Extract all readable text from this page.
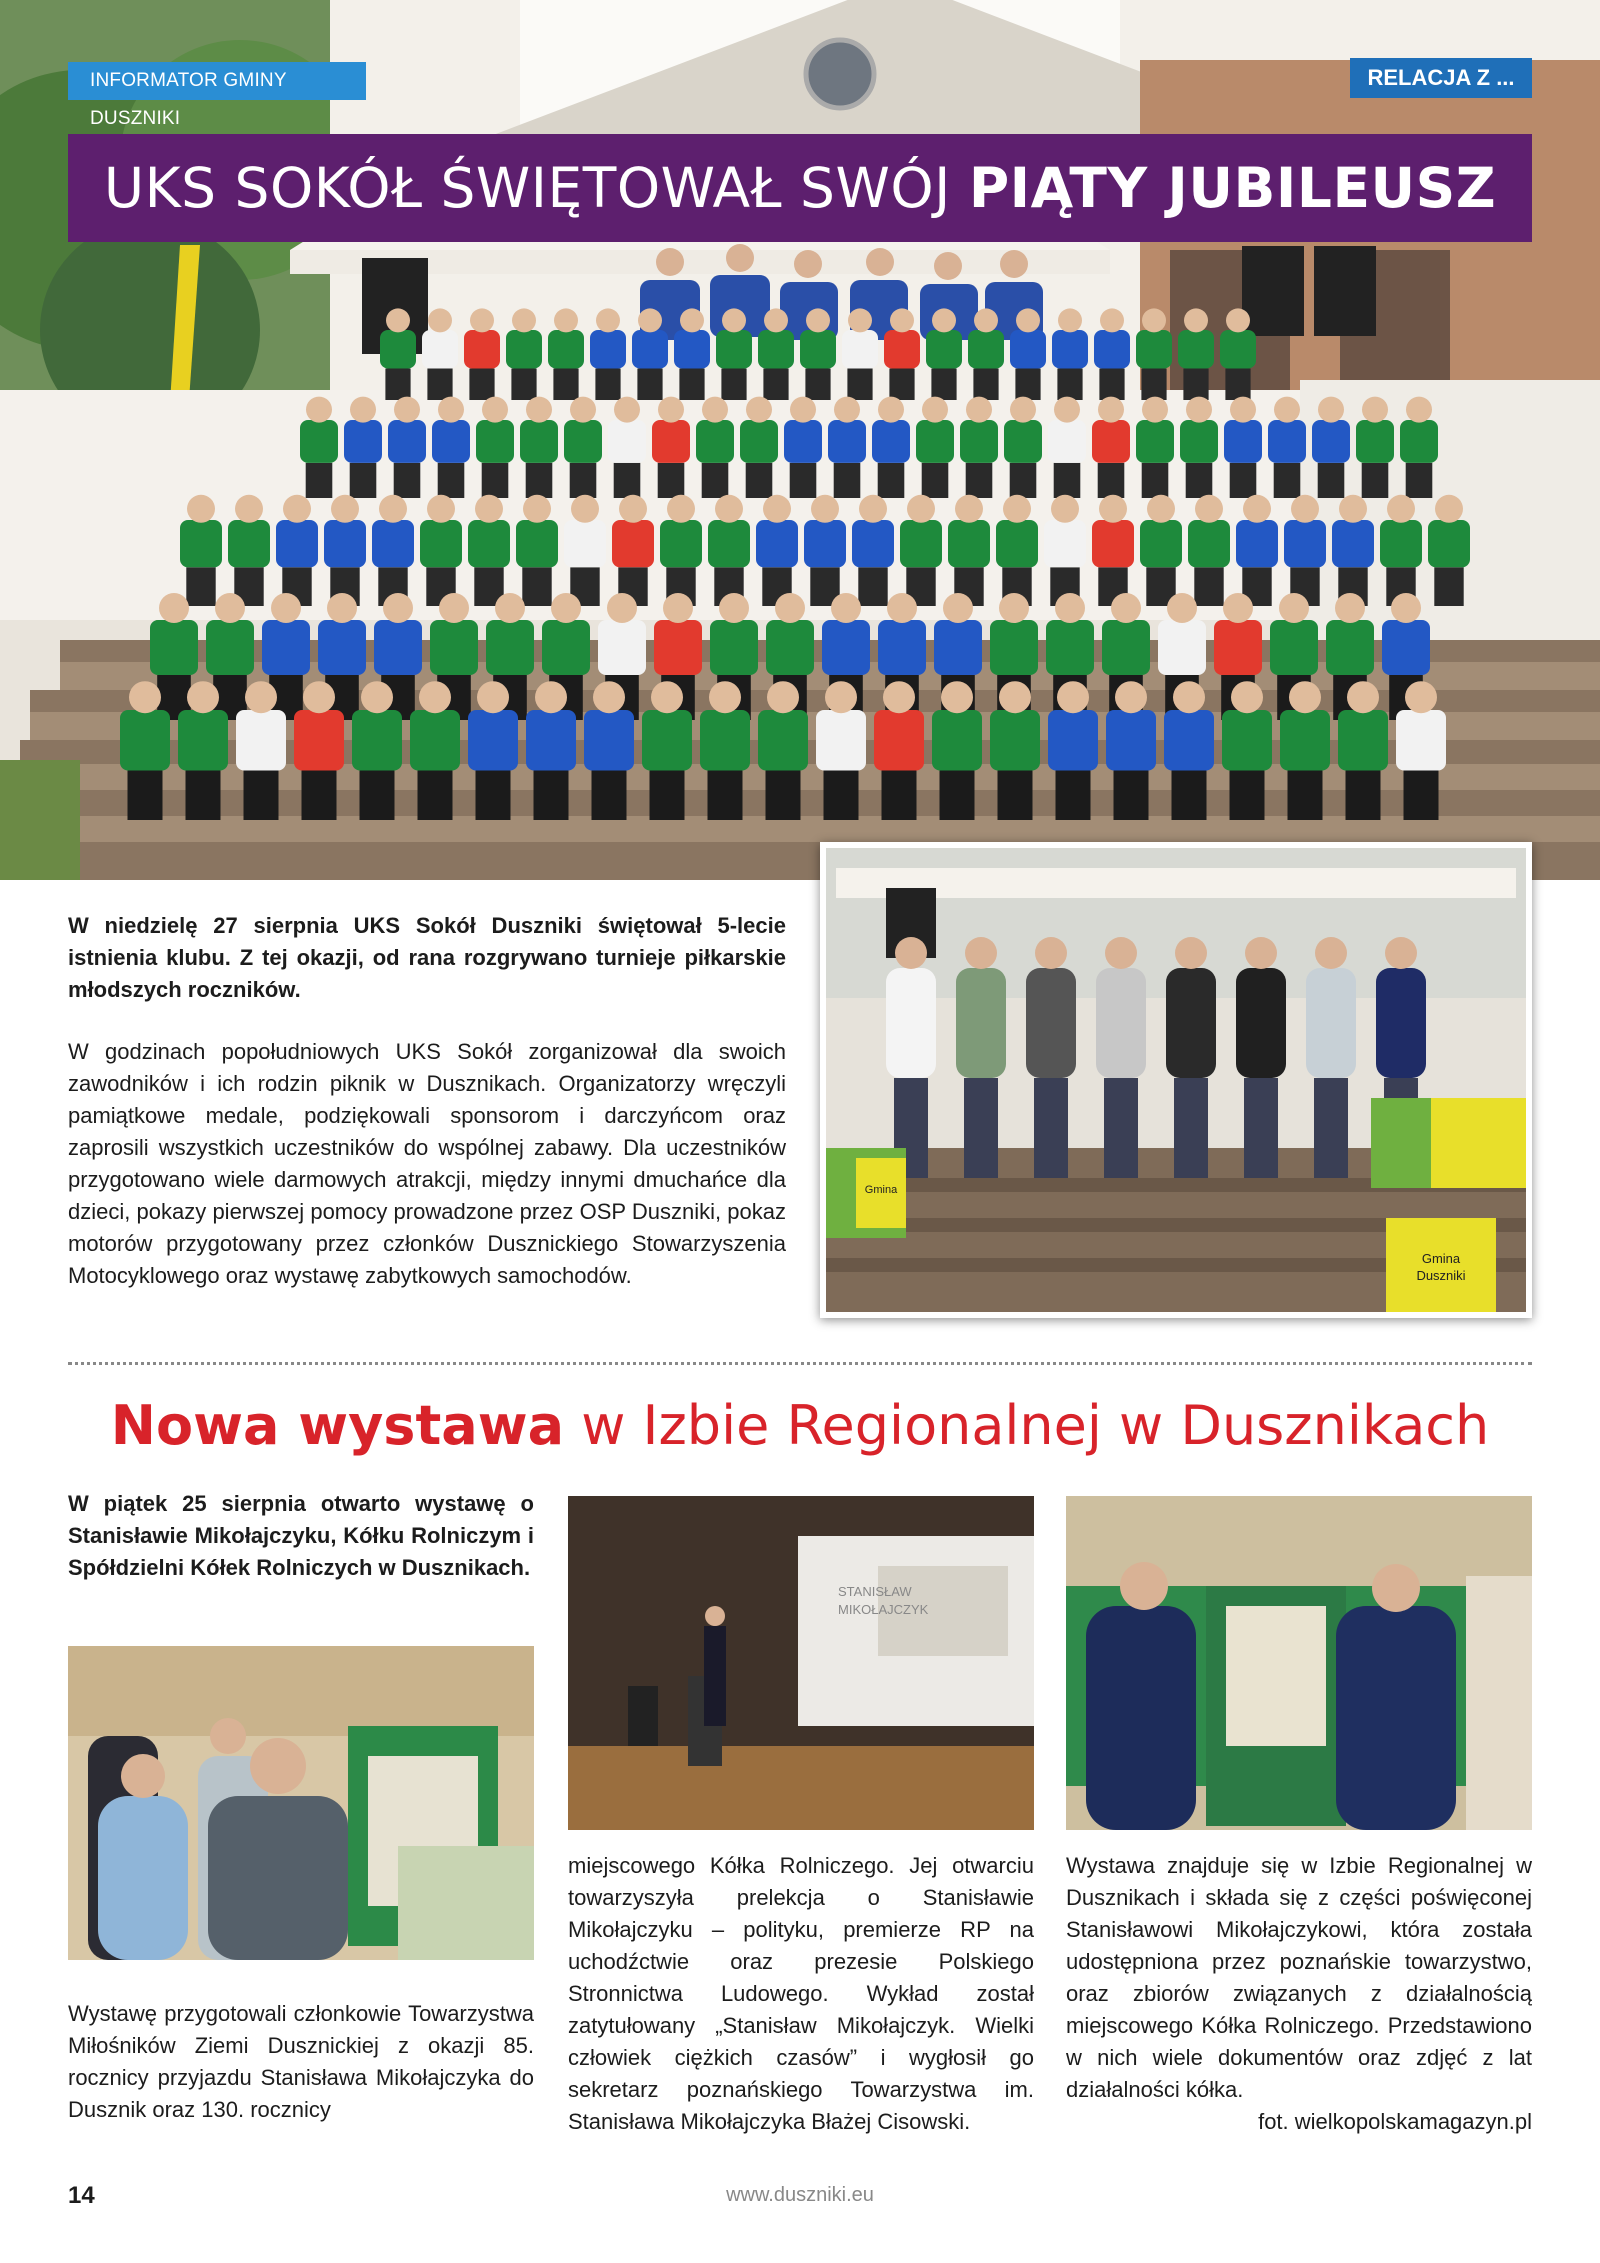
INFORMATOR GMINY DUSZNIKI
RELACJA Z ...
UKS SOKÓŁ ŚWIĘTOWAŁ SWÓJ PIĄTY JUBILEUSZ
W niedzielę 27 sierpnia UKS Sokół Duszniki świętował 5-lecie istnienia klubu. Z tej okazji, od rana rozgrywano turnieje piłkarskie młodszych roczników.
W godzinach popołudniowych UKS Sokół zorganizował dla swoich zawodników i ich rodzin piknik w Dusznikach. Organizatorzy wręczyli pamiątkowe medale, podziękowali sponsorom i darczyńcom oraz zaprosili wszystkich uczestników do wspólnej zabawy. Dla uczestników przygotowano wiele darmowych atrakcji, między innymi dmuchańce dla dzieci, pokazy pierwszej pomocy prowadzone przez OSP Duszniki, pokaz motorów przygotowany przez członków Dusznickiego Stowarzyszenia Motocyklowego oraz wystawę zabytkowych samochodów.
Gmina
Gmina
Duszniki
Nowa wystawa w Izbie Regionalnej w Dusznikach
W piątek 25 sierpnia otwarto wystawę o Stanisławie Mikołajczyku, Kółku Rolniczym i Spółdzielni Kółek Rolniczych w Dusznikach.
STANISŁAW
MIKOŁAJCZYK
Wystawę przygotowali członkowie Towarzystwa Miłośników Ziemi Dusznickiej z okazji 85. rocznicy przyjazdu Stanisława Mikołajczyka do Dusznik oraz 130. rocznicy
miejscowego Kółka Rolniczego. Jej otwarciu towarzyszyła prelekcja o Stanisławie Mikołajczyku – polityku, premierze RP na uchodźctwie oraz prezesie Polskiego Stronnictwa Ludowego. Wykład został zatytułowany „Stanisław Mikołajczyk. Wielki człowiek ciężkich czasów” i wygłosił go sekretarz poznańskiego Towarzystwa im. Stanisława Mikołajczyka Błażej Cisowski.
Wystawa znajduje się w Izbie Regionalnej w Dusznikach i składa się z części poświęconej Stanisławowi Mikołajczykowi, która została udostępniona przez poznańskie towarzystwo, oraz zbiorów związanych z działalnością miejscowego Kółka Rolniczego. Przedstawiono w nich wiele dokumentów oraz zdjęć z lat działalności kółka.
fot. wielkopolskamagazyn.pl
14	www.duszniki.eu
